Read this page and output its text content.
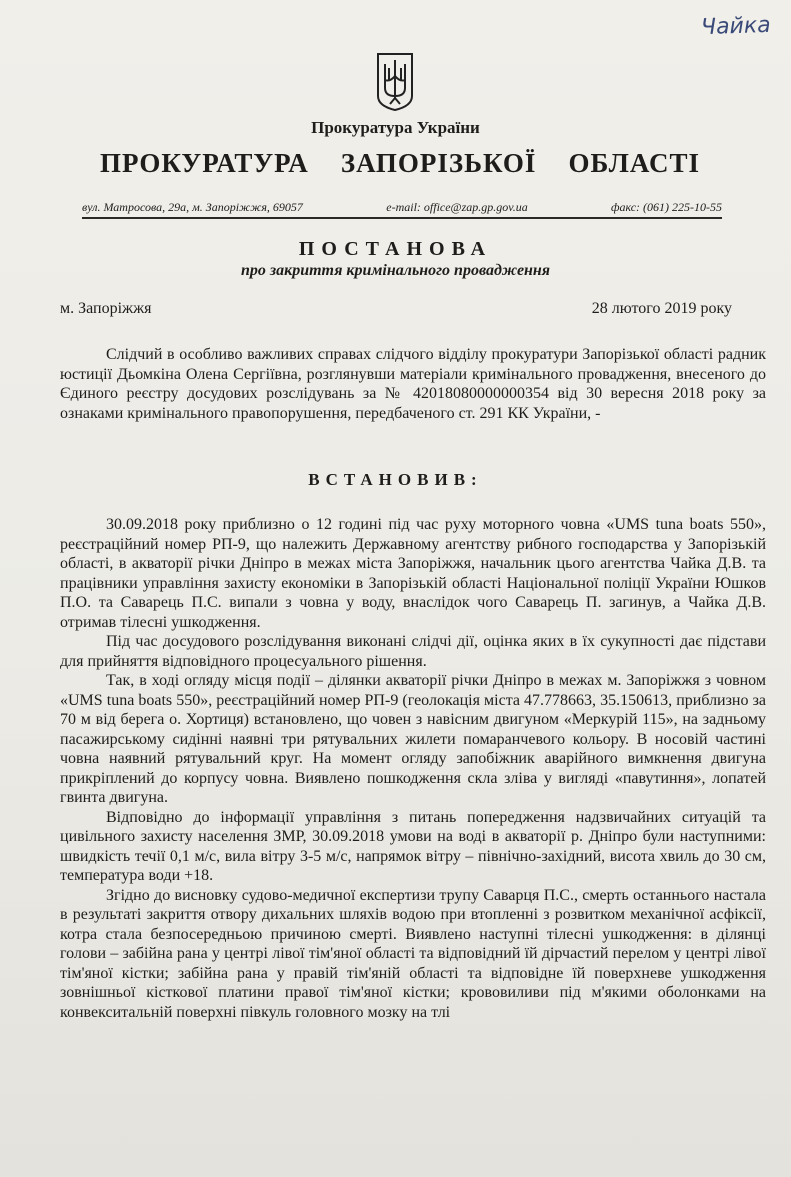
Чайка
Прокуратура України
ПРОКУРАТУРА ЗАПОРІЗЬКОЇ ОБЛАСТІ
вул. Матросова, 29а, м. Запоріжжя, 69057	e-mail: office@zap.gp.gov.ua	факс: (061) 225-10-55
ПОСТАНОВА
про закриття кримінального провадження
м. Запоріжжя	28 лютого 2019 року

Слідчий в особливо важливих справах слідчого відділу прокуратури Запорізької області радник юстиції Дьомкіна Олена Сергіївна, розглянувши матеріали кримінального провадження, внесеного до Єдиного реєстру досудових розслідувань за № 42018080000000354 від 30 вересня 2018 року за ознаками кримінального правопорушення, передбаченого ст. 291 КК України, -

ВСТАНОВИВ:

30.09.2018 року приблизно о 12 годині під час руху моторного човна «UMS tuna boats 550», реєстраційний номер РП-9, що належить Державному агентству рибного господарства у Запорізькій області, в акваторії річки Дніпро в межах міста Запоріжжя, начальник цього агентства Чайка Д.В. та працівники управління захисту економіки в Запорізькій області Національної поліції України Юшков П.О. та Саварець П.С. випали з човна у воду, внаслідок чого Саварець П. загинув, а Чайка Д.В. отримав тілесні ушкодження.

Під час досудового розслідування виконані слідчі дії, оцінка яких в їх сукупності дає підстави для прийняття відповідного процесуального рішення.

Так, в ході огляду місця події – ділянки акваторії річки Дніпро в межах м. Запоріжжя з човном «UMS tuna boats 550», реєстраційний номер РП-9 (геолокація міста 47.778663, 35.150613, приблизно за 70 м від берега о. Хортиця) встановлено, що човен з навісним двигуном «Меркурій 115», на задньому пасажирському сидінні наявні три рятувальних жилети помаранчевого кольору. В носовій частині човна наявний рятувальний круг. На момент огляду запобіжник аварійного вимкнення двигуна прикріплений до корпусу човна. Виявлено пошкодження скла зліва у вигляді «павутиння», лопатей гвинта двигуна.

Відповідно до інформації управління з питань попередження надзвичайних ситуацій та цивільного захисту населення ЗМР, 30.09.2018 умови на воді в акваторії р. Дніпро були наступними: швидкість течії 0,1 м/с, вила вітру 3-5 м/с, напрямок вітру – північно-західний, висота хвиль до 30 см, температура води +18.

Згідно до висновку судово-медичної експертизи трупу Саварця П.С., смерть останнього настала в результаті закриття отвору дихальних шляхів водою при втопленні з розвитком механічної асфіксії, котра стала безпосередньою причиною смерті. Виявлено наступні тілесні ушкодження: в ділянці голови – забійна рана у центрі лівої тім'яної області та відповідний їй дірчастий перелом у центрі лівої тім'яної кістки; забійна рана у правій тім'яній області та відповідне їй поверхневе ушкодження зовнішньої кісткової платини правої тім'яної кістки; крововиливи під м'якими оболонками на конвекситальній поверхні півкуль головного мозку на тлі
